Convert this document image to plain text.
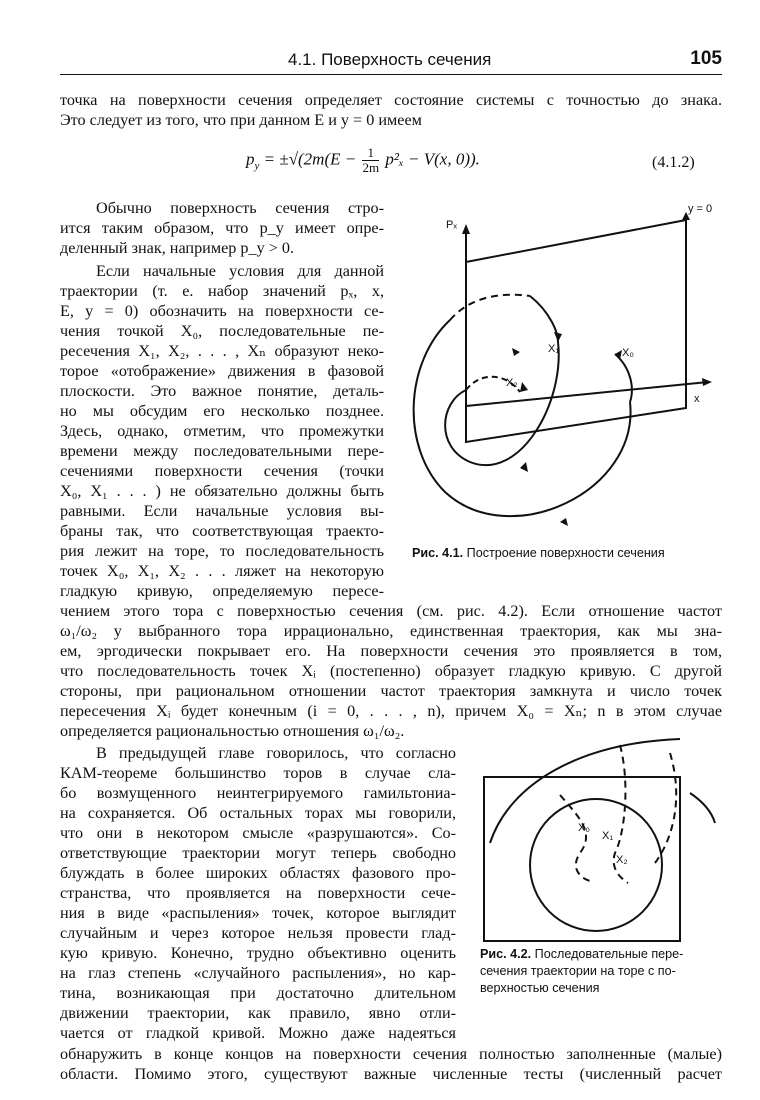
4.1. Поверхность сечения	105
точка на поверхности сечения определяет состояние системы с точностью до знака.
Это следует из того, что при данном E и y = 0 имеем
$p_y = \pm√(2m(E - \frac{1}{2m} p^2_x - V(x$, 0)).	(4.1.2)
Обычно поверхность сечения стро-
ится таким образом, что p_y имеет опре-
деленный знак, например p_y > 0.
Если начальные условия для данной
траектории (т. е. набор значений pₓ, x,
E, y = 0) обозначить на поверхности се-
чения точкой X₀, последовательные пе-
ресечения X₁, X₂, . . . , Xₙ образуют неко-
торое «отображение» движения в фазовой
плоскости. Это важное понятие, деталь-
но мы обсудим его несколько позднее.
Здесь, однако, отметим, что промежутки
времени между последовательными пере-
сечениями поверхности сечения (точки
X₀, X₁ . . . ) не обязательно должны быть
равными. Если начальные условия вы-
браны так, что соответствующая траекто-
рия лежит на торе, то последовательность
точек X₀, X₁, X₂ . . . ляжет на некоторую
гладкую кривую, определяемую пересе-
Pₓ
y = 0
x
X₀
X₁
X₂
Рис. 4.1. Построение поверхности сечения
чением этого тора с поверхностью сечения (см. рис. 4.2). Если отношение частот
ω₁/ω₂ у выбранного тора иррационально, единственная траектория, как мы зна-
ем, эргодически покрывает его. На поверхности сечения это проявляется в том,
что последовательность точек Xᵢ (постепенно) образует гладкую кривую. С другой
стороны, при рациональном отношении частот траектория замкнута и число точек
пересечения Xᵢ будет конечным (i = 0, . . . , n), причем X₀ = Xₙ; n в этом случае
определяется рациональностью отношения ω₁/ω₂.
В предыдущей главе говорилось, что согласно
КАМ-теореме большинство торов в случае сла-
бо возмущенного неинтегрируемого гамильтониа-
на сохраняется. Об остальных торах мы говорили,
что они в некотором смысле «разрушаются». Со-
ответствующие траектории могут теперь свободно
блуждать в более широких областях фазового про-
странства, что проявляется на поверхности сече-
ния в виде «распыления» точек, которое выглядит
случайным и через которое нельзя провести глад-
кую кривую. Конечно, трудно объективно оценить
на глаз степень «случайного распыления», но кар-
тина, возникающая при достаточно длительном
движении траектории, как правило, явно отли-
чается от гладкой кривой. Можно даже надеяться
X₀
X₁
X₂
Рис. 4.2. Последовательные пере-
сечения траектории на торе с по-
верхностью сечения
обнаружить в конце концов на поверхности сечения полностью заполненные (малые)
области. Помимо этого, существуют важные численные тесты (численный расчет
